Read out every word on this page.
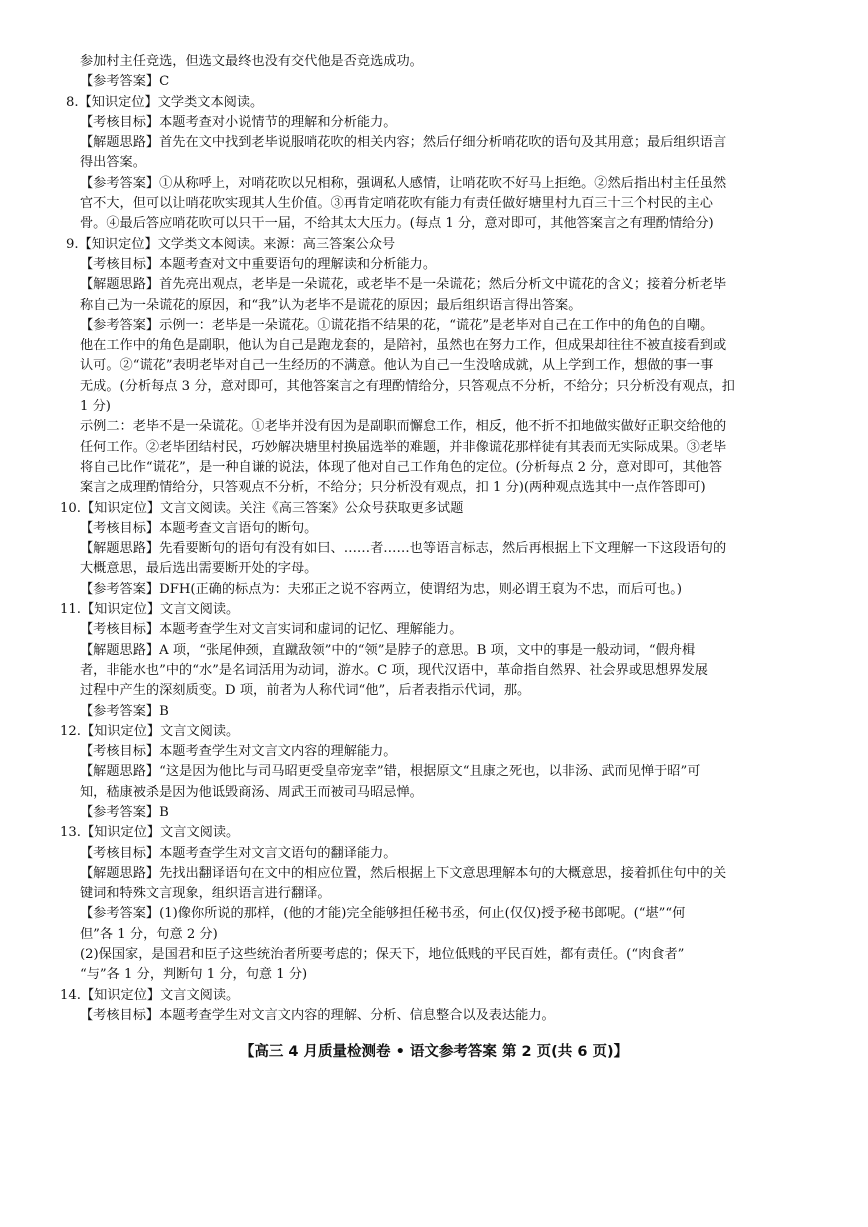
参加村主任竞选，但选文最终也没有交代他是否竞选成功。
【参考答案】C
8.【知识定位】文学类文本阅读。
【考核目标】本题考查对小说情节的理解和分析能力。
【解题思路】首先在文中找到老毕说服哨花吹的相关内容；然后仔细分析哨花吹的语句及其用意；最后组织语言
得出答案。
【参考答案】①从称呼上，对哨花吹以兄相称，强调私人感情，让哨花吹不好马上拒绝。②然后指出村主任虽然
官不大，但可以让哨花吹实现其人生价值。③再肯定哨花吹有能力有责任做好塘里村九百三十三个村民的主心
骨。④最后答应哨花吹可以只干一届，不给其太大压力。(每点 1 分，意对即可，其他答案言之有理酌情给分)
9.【知识定位】文学类文本阅读。来源：高三答案公众号
【考核目标】本题考查对文中重要语句的理解读和分析能力。
【解题思路】首先亮出观点，老毕是一朵谎花，或老毕不是一朵谎花；然后分析文中谎花的含义；接着分析老毕
称自己为一朵谎花的原因，和“我”认为老毕不是谎花的原因；最后组织语言得出答案。
【参考答案】示例一：老毕是一朵谎花。①谎花指不结果的花，“谎花”是老毕对自己在工作中的角色的自嘲。
他在工作中的角色是副职，他认为自己是跑龙套的，是陪衬，虽然也在努力工作，但成果却往往不被直接看到或
认可。②“谎花”表明老毕对自己一生经历的不满意。他认为自己一生没啥成就，从上学到工作，想做的事一事
无成。(分析每点 3 分，意对即可，其他答案言之有理酌情给分，只答观点不分析，不给分；只分析没有观点，扣
1 分)
示例二：老毕不是一朵谎花。①老毕并没有因为是副职而懈怠工作，相反，他不折不扣地做实做好正职交给他的
任何工作。②老毕团结村民，巧妙解决塘里村换届选举的难题，并非像谎花那样徒有其表而无实际成果。③老毕
将自己比作“谎花”，是一种自谦的说法，体现了他对自己工作角色的定位。(分析每点 2 分，意对即可，其他答
案言之成理酌情给分，只答观点不分析，不给分；只分析没有观点，扣 1 分)(两种观点选其中一点作答即可)
10.【知识定位】文言文阅读。关注《高三答案》公众号获取更多试题
【考核目标】本题考查文言语句的断句。
【解题思路】先看要断句的语句有没有如曰、……者……也等语言标志，然后再根据上下文理解一下这段语句的
大概意思，最后选出需要断开处的字母。
【参考答案】DFH(正确的标点为：夫邪正之说不容两立，使谓绍为忠，则必谓王裒为不忠，而后可也。)
11.【知识定位】文言文阅读。
【考核目标】本题考查学生对文言实词和虚词的记忆、理解能力。
【解题思路】A 项，“张尾伸颈，直蹴敌领”中的“领”是脖子的意思。B 项，文中的事是一般动词，“假舟楫
者，非能水也”中的“水”是名词活用为动词，游水。C 项，现代汉语中，革命指自然界、社会界或思想界发展
过程中产生的深刻质变。D 项，前者为人称代词“他”，后者表指示代词，那。
【参考答案】B
12.【知识定位】文言文阅读。
【考核目标】本题考查学生对文言文内容的理解能力。
【解题思路】“这是因为他比与司马昭更受皇帝宠幸”错，根据原文“且康之死也，以非汤、武而见惮于昭”可
知，嵇康被杀是因为他诋毁商汤、周武王而被司马昭忌惮。
【参考答案】B
13.【知识定位】文言文阅读。
【考核目标】本题考查学生对文言文语句的翻译能力。
【解题思路】先找出翻译语句在文中的相应位置，然后根据上下文意思理解本句的大概意思，接着抓住句中的关
键词和特殊文言现象，组织语言进行翻译。
【参考答案】(1)像你所说的那样，(他的才能)完全能够担任秘书丞，何止(仅仅)授予秘书郎呢。(“堪”“何
但”各 1 分，句意 2 分)
(2)保国家，是国君和臣子这些统治者所要考虑的；保天下，地位低贱的平民百姓，都有责任。(“肉食者”
“与”各 1 分，判断句 1 分，句意 1 分)
14.【知识定位】文言文阅读。
【考核目标】本题考查学生对文言文内容的理解、分析、信息整合以及表达能力。
【高三 4 月质量检测卷 • 语文参考答案 第 2 页(共 6 页)】
